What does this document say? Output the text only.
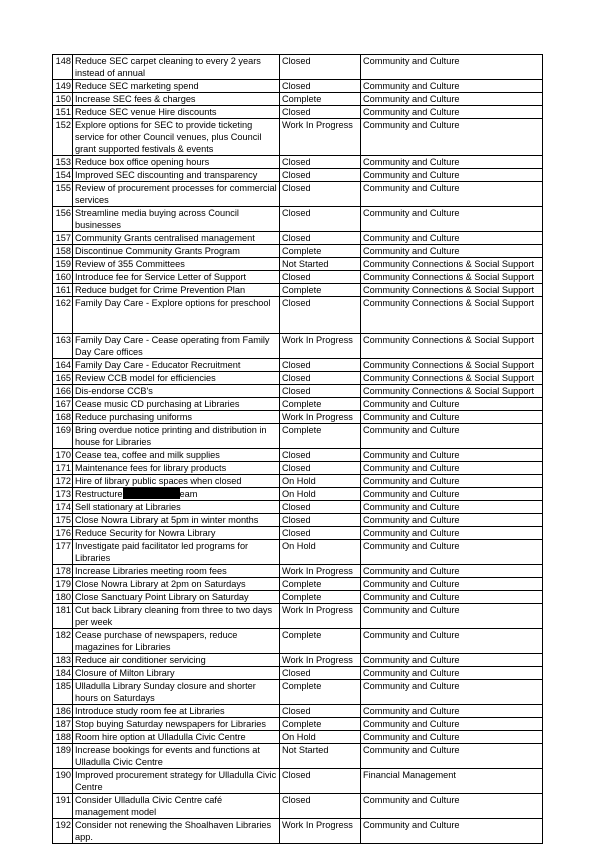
148	Reduce SEC carpet cleaning to every 2 years instead of annual	Closed	Community and Culture
149	Reduce SEC marketing spend	Closed	Community and Culture
150	Increase SEC fees & charges	Complete	Community and Culture
151	Reduce SEC venue Hire discounts	Closed	Community and Culture
152	Explore options for SEC to provide ticketing service for other Council venues, plus Council grant supported festivals & events	Work In Progress	Community and Culture
153	Reduce box office opening hours	Closed	Community and Culture
154	Improved SEC discounting and transparency	Closed	Community and Culture
155	Review of procurement processes for commercial services	Closed	Community and Culture
156	Streamline media buying across Council businesses	Closed	Community and Culture
157	Community Grants centralised management	Closed	Community and Culture
158	Discontinue Community Grants Program	Complete	Community and Culture
159	Review of 355 Committees	Not Started	Community Connections & Social Support
160	Introduce fee for Service Letter of Support	Closed	Community Connections & Social Support
161	Reduce budget for Crime Prevention Plan	Complete	Community Connections & Social Support
162	Family Day Care - Explore options for preschool	Closed	Community Connections & Social Support
163	Family Day Care - Cease operating from Family Day Care offices	Work In Progress	Community Connections & Social Support
164	Family Day Care - Educator Recruitment	Closed	Community Connections & Social Support
165	Review CCB model for efficiencies	Closed	Community Connections & Social Support
166	Dis-endorse CCB's	Closed	Community Connections & Social Support
167	Cease music CD purchasing at Libraries	Complete	Community and Culture
168	Reduce purchasing uniforms	Work In Progress	Community and Culture
169	Bring overdue notice printing and distribution in house for Libraries	Complete	Community and Culture
170	Cease tea, coffee and milk supplies	Closed	Community and Culture
171	Maintenance fees for library products	Closed	Community and Culture
172	Hire of library public spaces when closed	On Hold	Community and Culture
173	Restructure eam	On Hold	Community and Culture
174	Sell stationary at Libraries	Closed	Community and Culture
175	Close Nowra Library at 5pm in winter months	Closed	Community and Culture
176	Reduce Security for Nowra Library	Closed	Community and Culture
177	Investigate paid facilitator led programs for Libraries	On Hold	Community and Culture
178	Increase Libraries meeting room fees	Work In Progress	Community and Culture
179	Close Nowra Library at 2pm on Saturdays	Complete	Community and Culture
180	Close Sanctuary Point Library on Saturday	Complete	Community and Culture
181	Cut back Library cleaning from three to two days per week	Work In Progress	Community and Culture
182	Cease purchase of newspapers, reduce magazines for Libraries	Complete	Community and Culture
183	Reduce air conditioner servicing	Work In Progress	Community and Culture
184	Closure of Milton Library	Closed	Community and Culture
185	Ulladulla Library Sunday closure and shorter hours on Saturdays	Complete	Community and Culture
186	Introduce study room fee at Libraries	Closed	Community and Culture
187	Stop buying Saturday newspapers for Libraries	Complete	Community and Culture
188	Room hire option at Ulladulla Civic Centre	On Hold	Community and Culture
189	Increase bookings for events and functions at Ulladulla Civic Centre	Not Started	Community and Culture
190	Improved procurement strategy for Ulladulla Civic Centre	Closed	Financial Management
191	Consider Ulladulla Civic Centre café management model	Closed	Community and Culture
192	Consider not renewing the Shoalhaven Libraries app.	Work In Progress	Community and Culture
